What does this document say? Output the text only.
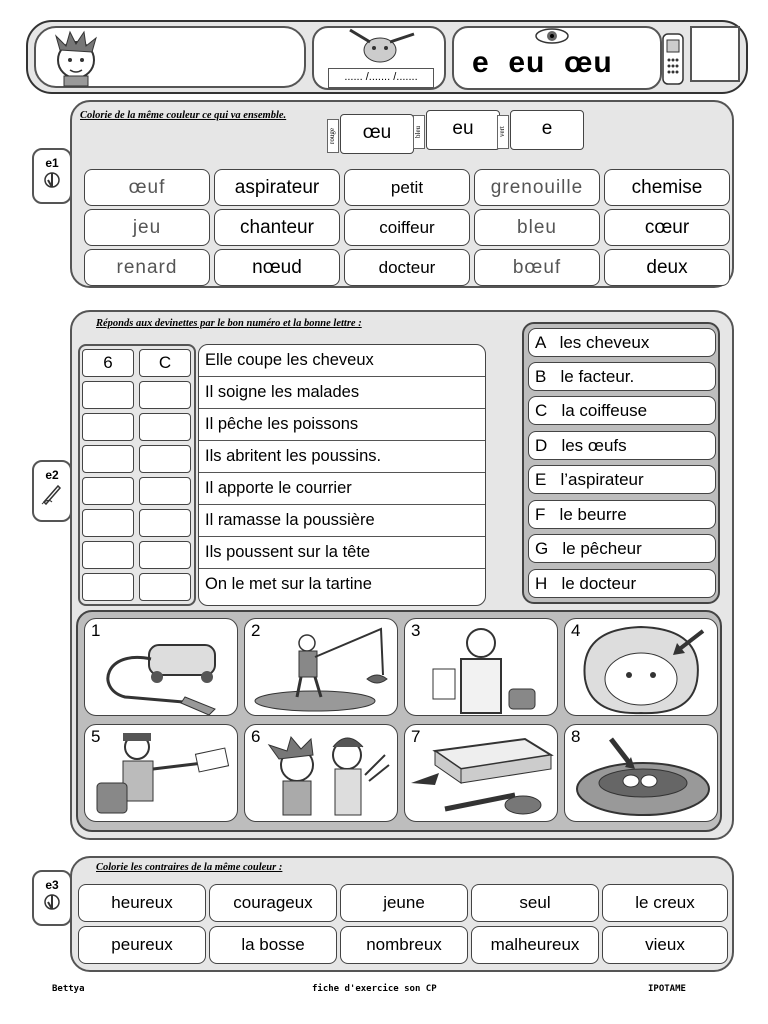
...... /....... /.......	e  eu  œu
e1
Colorie de la même couleur ce qui va ensemble.
rouge	œu	bleu	eu	vert	e
œuf	aspirateur	petit	grenouille	chemise
jeu	chanteur	coiffeur	bleu	cœur
renard	nœud	docteur	bœuf	deux
e2
Réponds aux devinettes par le bon numéro et la bonne lettre :
6	C	Elle coupe les cheveux
Il soigne les malades
Il pêche les poissons
Ils abritent les poussins.
Il apporte le courrier
Il ramasse la poussière
Ils poussent sur la tête
On le met sur la tartine
A   les cheveux
B   le facteur.
C   la coiffeuse
D   les œufs
E   l’aspirateur
F   le beurre
G   le pêcheur
H   le docteur
1	2	3	4
5	6	7	8
e3
Colorie les contraires de la même couleur :
heureux	courageux	jeune	seul	le creux
peureux	la bosse	nombreux	malheureux	vieux
Bettya	fiche d'exercice son CP	IPOTAME
